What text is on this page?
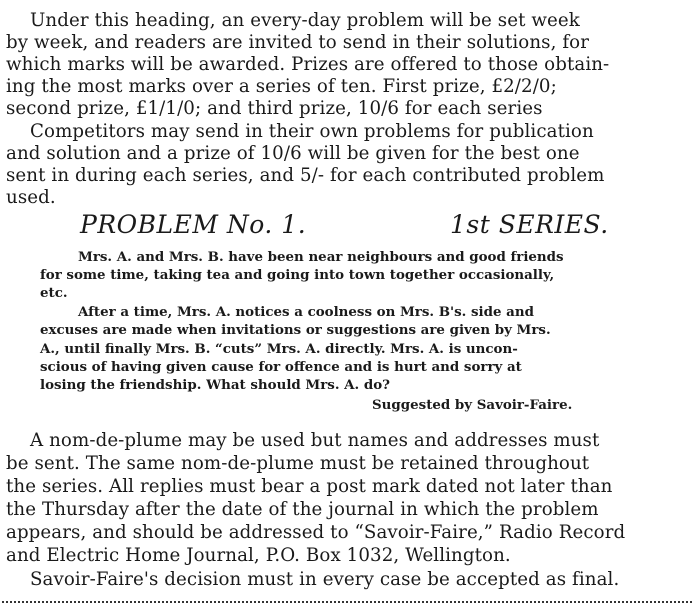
Under this heading, an every-day problem will be set week
by week, and readers are invited to send in their solutions, for
which marks will be awarded. Prizes are offered to those obtain-
ing the most marks over a series of ten. First prize, £2/2/0;
second prize, £1/1/0; and third prize, 10/6 for each series
Competitors may send in their own problems for publication
and solution and a prize of 10/6 will be given for the best one
sent in during each series, and 5/- for each contributed problem
used.
PROBLEM No. 1.	1st SERIES.
Mrs. A. and Mrs. B. have been near neighbours and good friends
for some time, taking tea and going into town together occasionally,
etc.
After a time, Mrs. A. notices a coolness on Mrs. B's. side and
excuses are made when invitations or suggestions are given by Mrs.
A., until finally Mrs. B. “cuts” Mrs. A. directly. Mrs. A. is uncon-
scious of having given cause for offence and is hurt and sorry at
losing the friendship. What should Mrs. A. do?
Suggested by Savoir-Faire.
A nom-de-plume may be used but names and addresses must
be sent. The same nom-de-plume must be retained throughout
the series. All replies must bear a post mark dated not later than
the Thursday after the date of the journal in which the problem
appears, and should be addressed to “Savoir-Faire,” Radio Record
and Electric Home Journal, P.O. Box 1032, Wellington.
Savoir-Faire's decision must in every case be accepted as final.
